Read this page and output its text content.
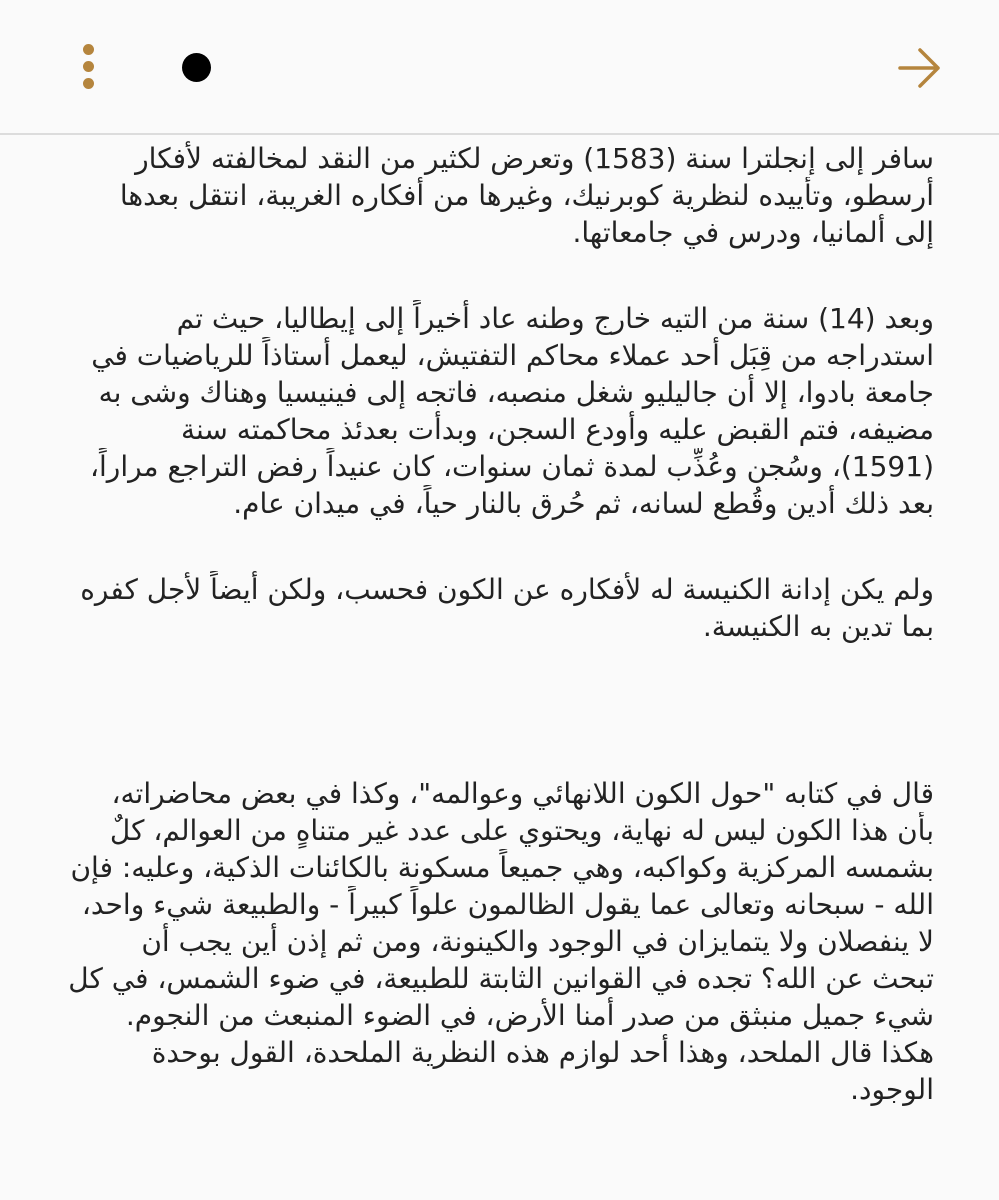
سافر إلى إنجلترا سنة (1583) وتعرض لكثير من النقد لمخالفته لأفكار
أرسطو، وتأييده لنظرية كوبرنيك، وغيرها من أفكاره الغريبة، انتقل بعدها
إلى ألمانيا، ودرس في جامعاتها.

وبعد (14) سنة من التيه خارج وطنه عاد أخيراً إلى إيطاليا، حيث تم
استدراجه من قِبَل أحد عملاء محاكم التفتيش، ليعمل أستاذاً للرياضيات في
جامعة بادوا، إلا أن جاليليو شغل منصبه، فاتجه إلى فينيسيا وهناك وشى به
مضيفه، فتم القبض عليه وأودع السجن، وبدأت بعدئذ محاكمته سنة
(1591)، وسُجن وعُذِّب لمدة ثمان سنوات، كان عنيداً رفض التراجع مراراً،
بعد ذلك أُدين وقُطع لسانه، ثم حُرق بالنار حياً، في ميدان عام.

ولم يكن إدانة الكنيسة له لأفكاره عن الكون فحسب، ولكن أيضاً لأجل كفره
بما تدين به الكنيسة.

قال في كتابه "حول الكون اللانهائي وعوالمه"، وكذا في بعض محاضراته،
بأن هذا الكون ليس له نهاية، ويحتوي على عدد غير متناهٍ من العوالم، كلٌ
بشمسه المركزية وكواكبه، وهي جميعاً مسكونة بالكائنات الذكية، وعليه: فإن
الله - سبحانه وتعالى عما يقول الظالمون علواً كبيراً - والطبيعة شيء واحد،
لا ينفصلان ولا يتمايزان في الوجود والكينونة، ومن ثم إذن أين يجب أن
تبحث عن الله؟ تجده في القوانين الثابتة للطبيعة، في ضوء الشمس، في كل
شيء جميل منبثق من صدر أمنا الأرض، في الضوء المنبعث من النجوم.
هكذا قال الملحد، وهذا أحد لوازم هذه النظرية الملحدة، القول بوحدة
الوجود.
